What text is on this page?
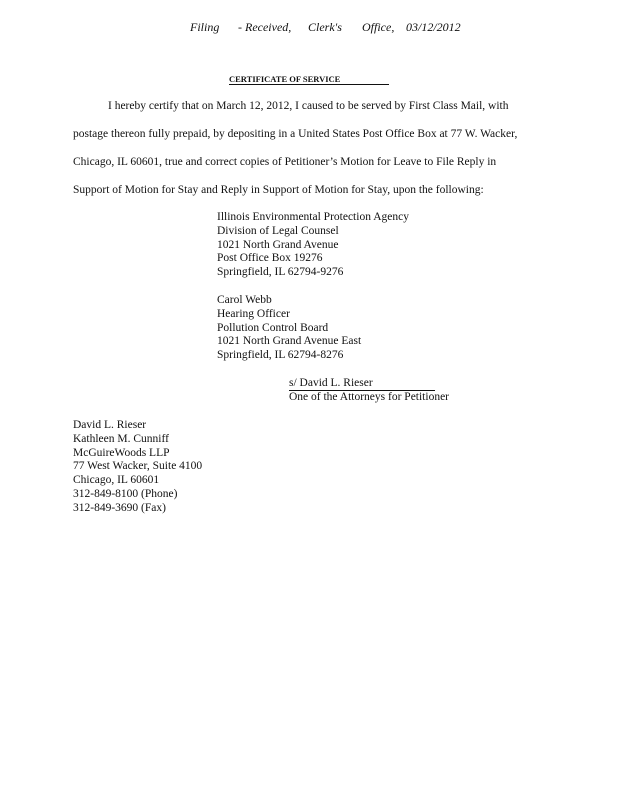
Filing - Received, Clerk's Office, 03/12/2012
CERTIFICATE OF SERVICE
I hereby certify that on March 12, 2012, I caused to be served by First Class Mail, with
postage thereon fully prepaid, by depositing in a United States Post Office Box at 77 W. Wacker,
Chicago, IL 60601, true and correct copies of Petitioner’s Motion for Leave to File Reply in
Support of Motion for Stay and Reply in Support of Motion for Stay, upon the following:
Illinois Environmental Protection Agency
Division of Legal Counsel
1021 North Grand Avenue
Post Office Box 19276
Springfield, IL 62794-9276
Carol Webb
Hearing Officer
Pollution Control Board
1021 North Grand Avenue East
Springfield, IL 62794-8276
s/ David L. Rieser
One of the Attorneys for Petitioner
David L. Rieser
Kathleen M. Cunniff
McGuireWoods LLP
77 West Wacker, Suite 4100
Chicago, IL 60601
312-849-8100 (Phone)
312-849-3690 (Fax)
